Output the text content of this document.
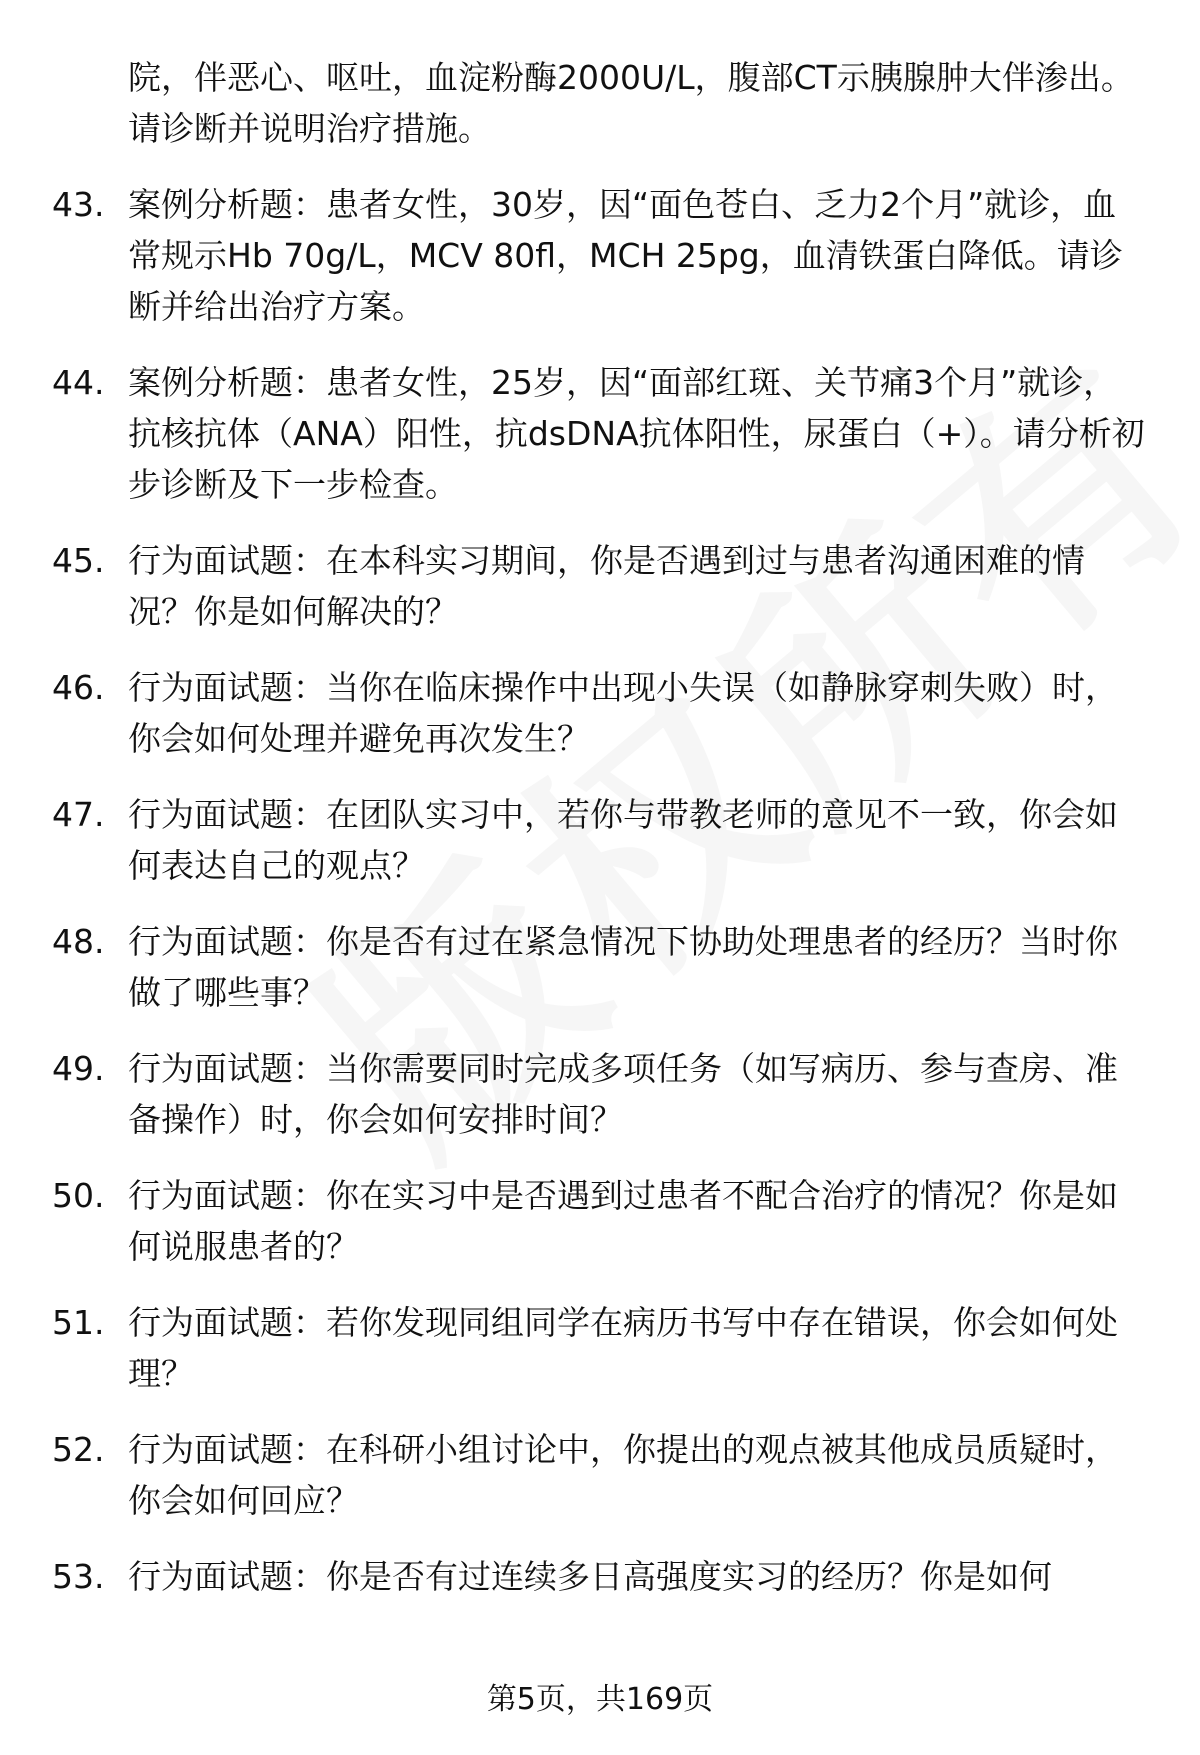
院，伴恶心、呕吐，血淀粉酶2000U/L，腹部CT示胰腺肿大伴渗出。请诊断并说明治疗措施。
43. 案例分析题：患者女性，30岁，因“面色苍白、乏力2个月”就诊，血常规示Hb 70g/L，MCV 80fl，MCH 25pg，血清铁蛋白降低。请诊断并给出治疗方案。
44. 案例分析题：患者女性，25岁，因“面部红斑、关节痛3个月”就诊，抗核抗体（ANA）阳性，抗dsDNA抗体阳性，尿蛋白（+）。请分析初步诊断及下一步检查。
45. 行为面试题：在本科实习期间，你是否遇到过与患者沟通困难的情况？你是如何解决的？
46. 行为面试题：当你在临床操作中出现小失误（如静脉穿刺失败）时，你会如何处理并避免再次发生？
47. 行为面试题：在团队实习中，若你与带教老师的意见不一致，你会如何表达自己的观点？
48. 行为面试题：你是否有过在紧急情况下协助处理患者的经历？当时你做了哪些事？
49. 行为面试题：当你需要同时完成多项任务（如写病历、参与查房、准备操作）时，你会如何安排时间？
50. 行为面试题：你在实习中是否遇到过患者不配合治疗的情况？你是如何说服患者的？
51. 行为面试题：若你发现同组同学在病历书写中存在错误，你会如何处理？
52. 行为面试题：在科研小组讨论中，你提出的观点被其他成员质疑时，你会如何回应？
53. 行为面试题：你是否有过连续多日高强度实习的经历？你是如何
第5页，共169页
